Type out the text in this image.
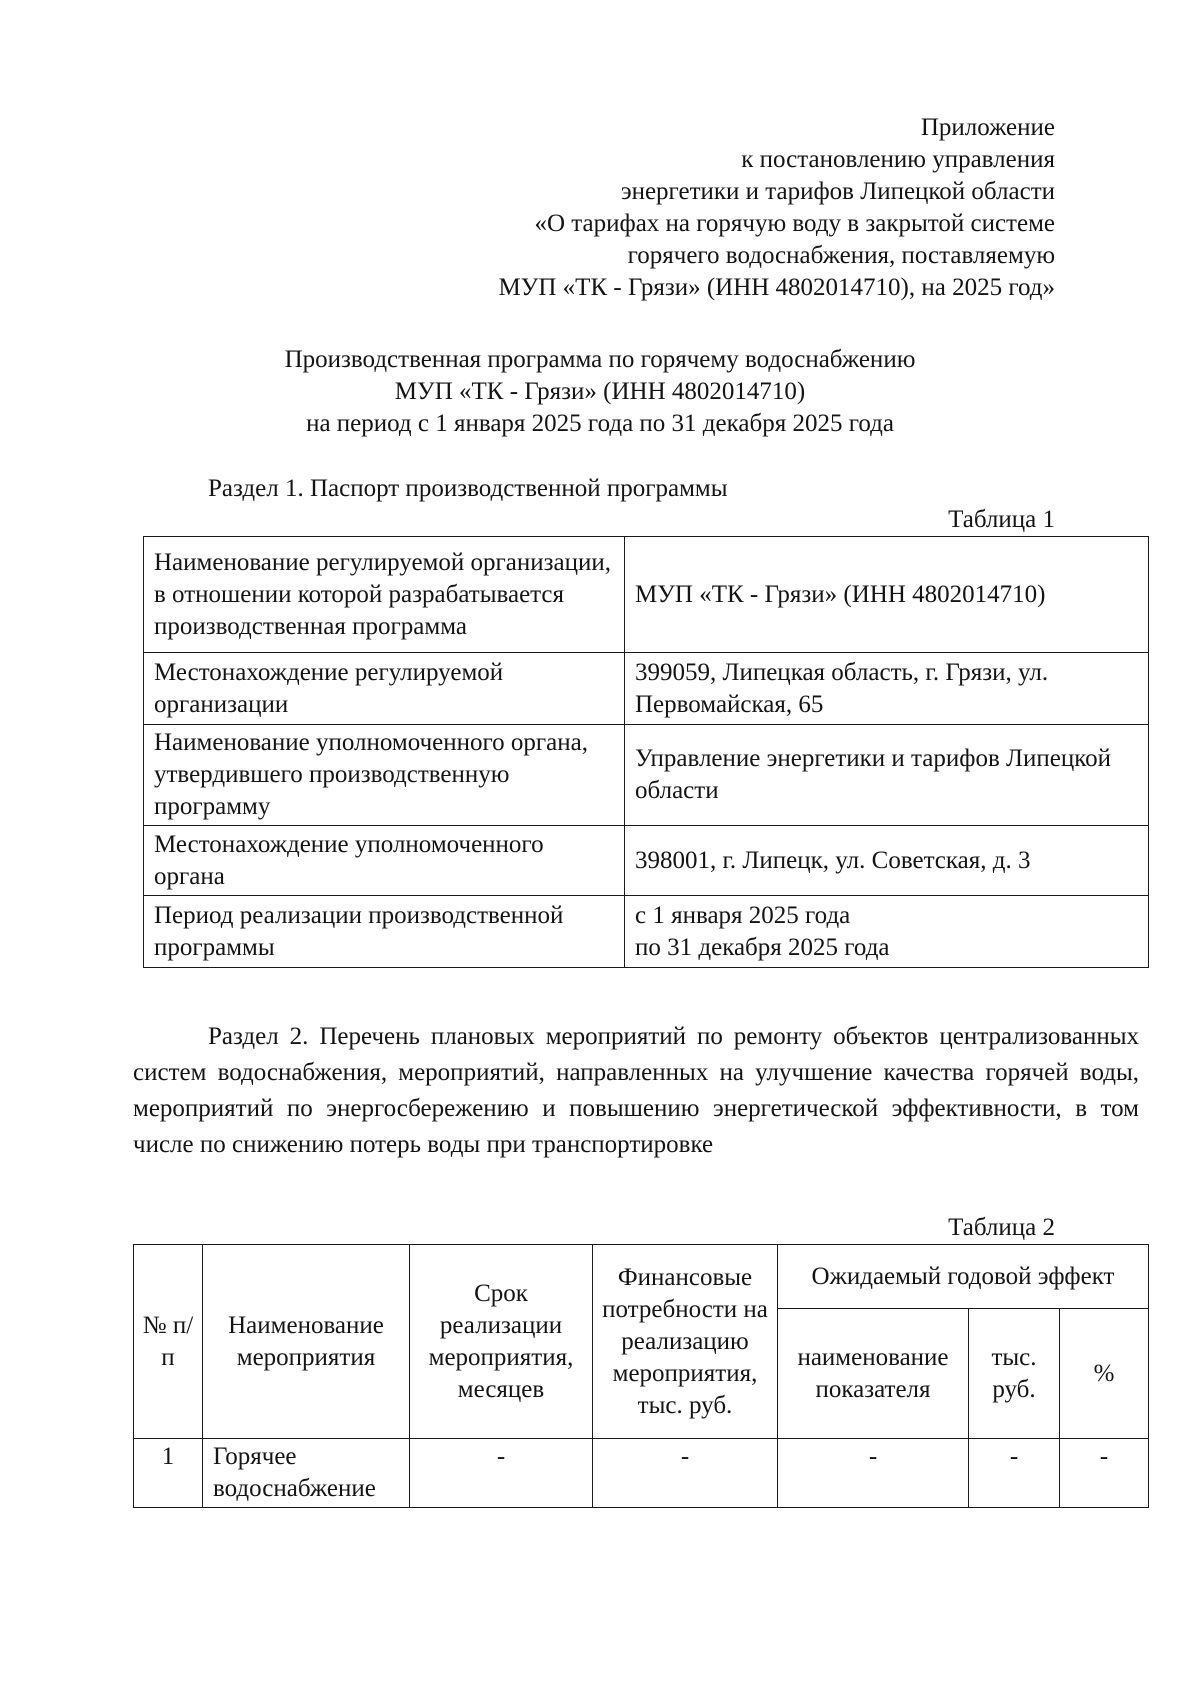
Приложение
к постановлению управления
энергетики и тарифов Липецкой области
«О тарифах на горячую воду в закрытой системе
горячего водоснабжения, поставляемую
МУП «ТК - Грязи» (ИНН 4802014710), на 2025 год»
Производственная программа по горячему водоснабжению
МУП «ТК - Грязи» (ИНН 4802014710)
на период с 1 января 2025 года по 31 декабря 2025 года
Раздел 1. Паспорт производственной программы
Таблица 1
Наименование регулируемой организации, в отношении которой разрабатывается производственная программа	МУП «ТК - Грязи» (ИНН 4802014710)
Местонахождение регулируемой организации	399059, Липецкая область, г. Грязи, ул. Первомайская, 65
Наименование уполномоченного органа, утвердившего производственную программу	Управление энергетики и тарифов Липецкой области
Местонахождение уполномоченного органа	398001, г. Липецк, ул. Советская, д. 3
Период реализации производственной программы	с 1 января 2025 года
по 31 декабря 2025 года

Раздел 2. Перечень плановых мероприятий по ремонту объектов централизованных систем водоснабжения, мероприятий, направленных на улучшение качества горячей воды, мероприятий по энергосбережению и повышению энергетической эффективности, в том числе по снижению потерь воды при транспортировке

Таблица 2
№ п/п	Наименование мероприятия	Срок реализации мероприятия, месяцев	Финансовые потребности на реализацию мероприятия, тыс. руб.	Ожидаемый годовой эффект		
				наименование показателя	тыс. руб.	%
1	Горячее водоснабжение	-	-	-	-	-
